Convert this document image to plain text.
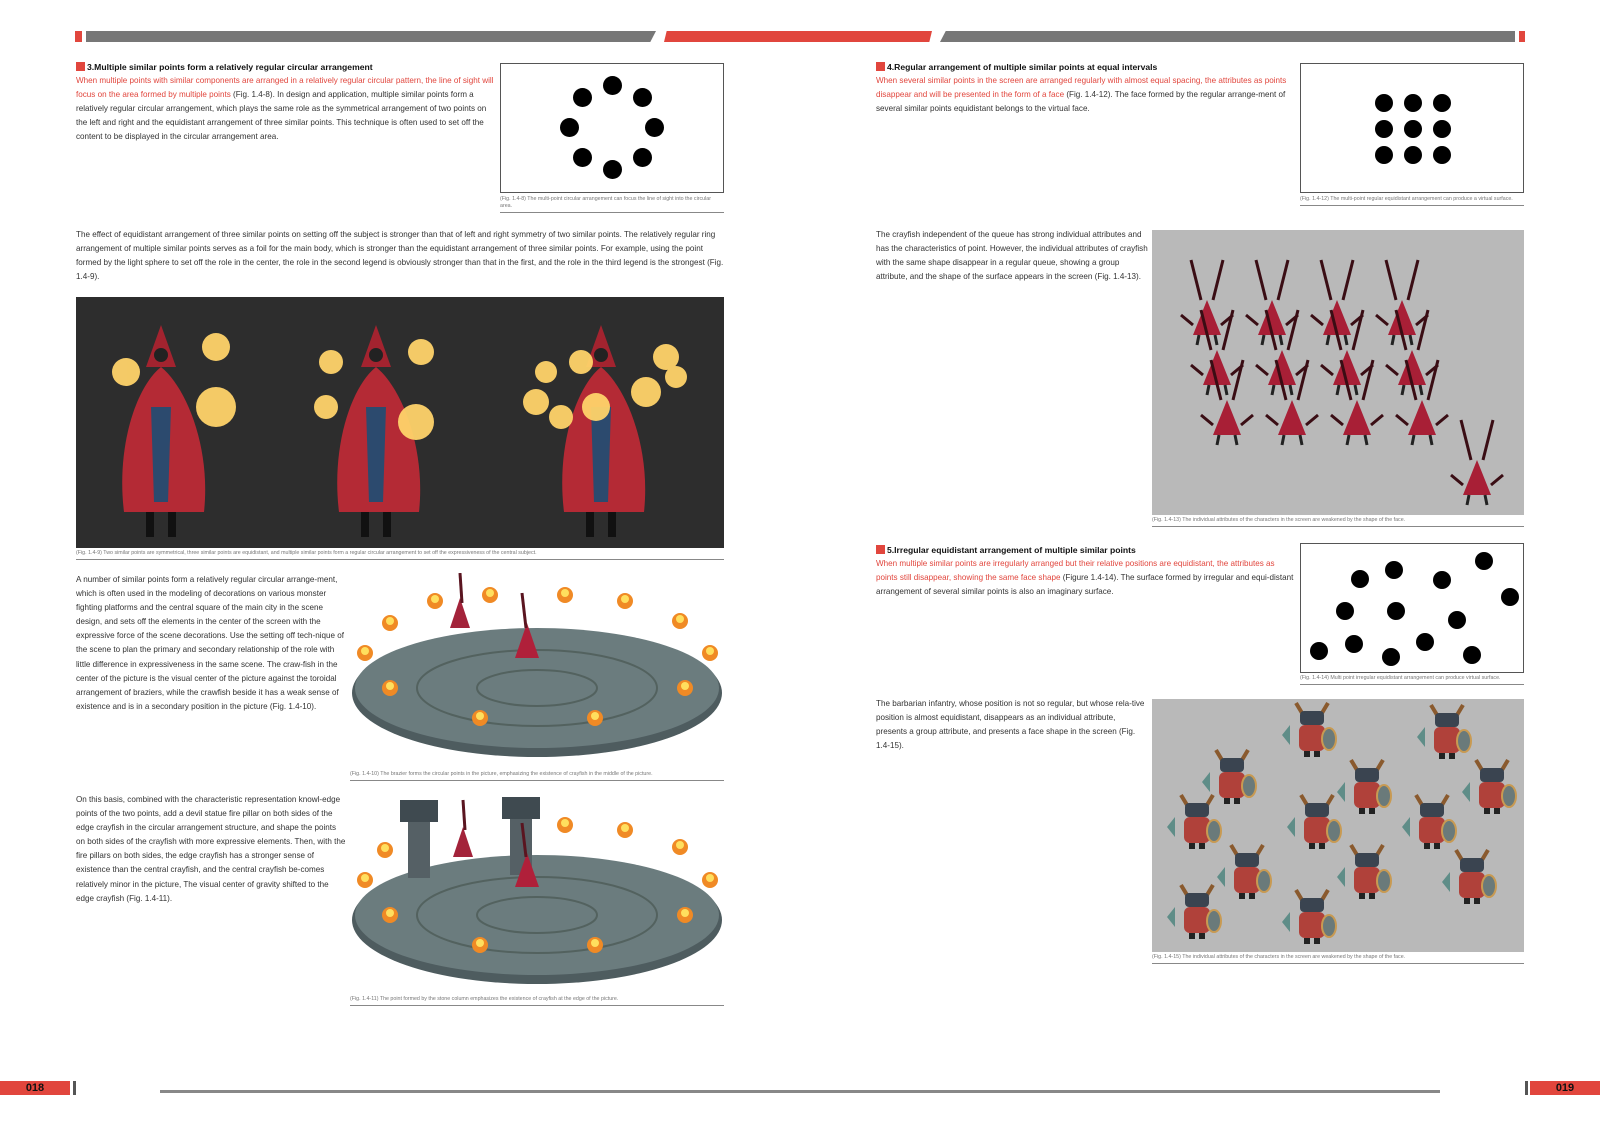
3.Multiple similar points form a relatively regular circular arrangement
When multiple points with similar components are arranged in a relatively regular circular pattern, the line of sight will focus on the area formed by multiple points (Fig. 1.4-8). In design and application, multiple similar points form a relatively regular circular arrangement, which plays the same role as the symmetrical arrangement of two points on the left and right and the equidistant arrangement of three similar points. This technique is often used to set off the content to be displayed in the circular arrangement area.
(Fig. 1.4-8) The multi-point circular arrangement can focus the line of sight into the circular area.
The effect of equidistant arrangement of three similar points on setting off the subject is stronger than that of left and right symmetry of two similar points. The relatively regular ring arrangement of multiple similar points serves as a foil for the main body, which is stronger than the equidistant arrangement of three similar points. For example, using the point formed by the light sphere to set off the role in the center, the role in the second legend is obviously stronger than that in the first, and the role in the third legend is the strongest (Fig. 1.4-9).
(Fig. 1.4-9) Two similar points are symmetrical, three similar points are equidistant, and multiple similar points form a regular circular arrangement to set off the expressiveness of the central subject.
A number of similar points form a relatively regular circular arrange-ment, which is often used in the modeling of decorations on various monster fighting platforms and the central square of the main city in the scene design, and sets off the elements in the center of the screen with the expressive force of the scene decorations. Use the setting off tech-nique of the scene to plan the primary and secondary relationship of the role with little difference in expressiveness in the same scene. The craw-fish in the center of the picture is the visual center of the picture against the toroidal arrangement of braziers, while the crawfish beside it has a weak sense of existence and is in a secondary position in the picture (Fig. 1.4-10).
(Fig. 1.4-10) The brazier forms the circular points in the picture, emphasizing the existence of crayfish in the middle of the picture.
On this basis, combined with the characteristic representation knowl-edge points of the two points, add a devil statue fire pillar on both sides of the edge crayfish in the circular arrangement structure, and shape the points on both sides of the crayfish with more expressive elements. Then, with the fire pillars on both sides, the edge crayfish has a stronger sense of existence than the central crayfish, and the central crayfish be-comes relatively minor in the picture, The visual center of gravity shifted to the edge crayfish (Fig. 1.4-11).
(Fig. 1.4-11) The point formed by the stone column emphasizes the existence of crayfish at the edge of the picture.
4.Regular arrangement of multiple similar points at equal intervals
When several similar points in the screen are arranged regularly with almost equal spacing, the attributes as points disappear and will be presented in the form of a face (Fig. 1.4-12). The face formed by the regular arrange-ment of several similar points equidistant belongs to the virtual face.
(Fig. 1.4-12) The multi-point regular equidistant arrangement can produce a virtual surface.
The crayfish independent of the queue has strong individual attributes and has the characteristics of point. However, the individual attributes of crayfish with the same shape disappear in a regular queue, showing a group attribute, and the shape of the surface appears in the screen (Fig. 1.4-13).
(Fig. 1.4-13) The individual attributes of the characters in the screen are weakened by the shape of the face.
5.Irregular equidistant arrangement of multiple similar points
When multiple similar points are irregularly arranged but their relative positions are equidistant, the attributes as points still disappear, showing the same face shape (Figure 1.4-14). The surface formed by irregular and equi-distant arrangement of several similar points is also an imaginary surface.
(Fig. 1.4-14) Multi point irregular equidistant arrangement can produce virtual surface.
The barbarian infantry, whose position is not so regular, but whose rela-tive position is almost equidistant, disappears as an individual attribute, presents a group attribute, and presents a face shape in the screen (Fig. 1.4-15).
(Fig. 1.4-15) The individual attributes of the characters in the screen are weakened by the shape of the face.
018	019
